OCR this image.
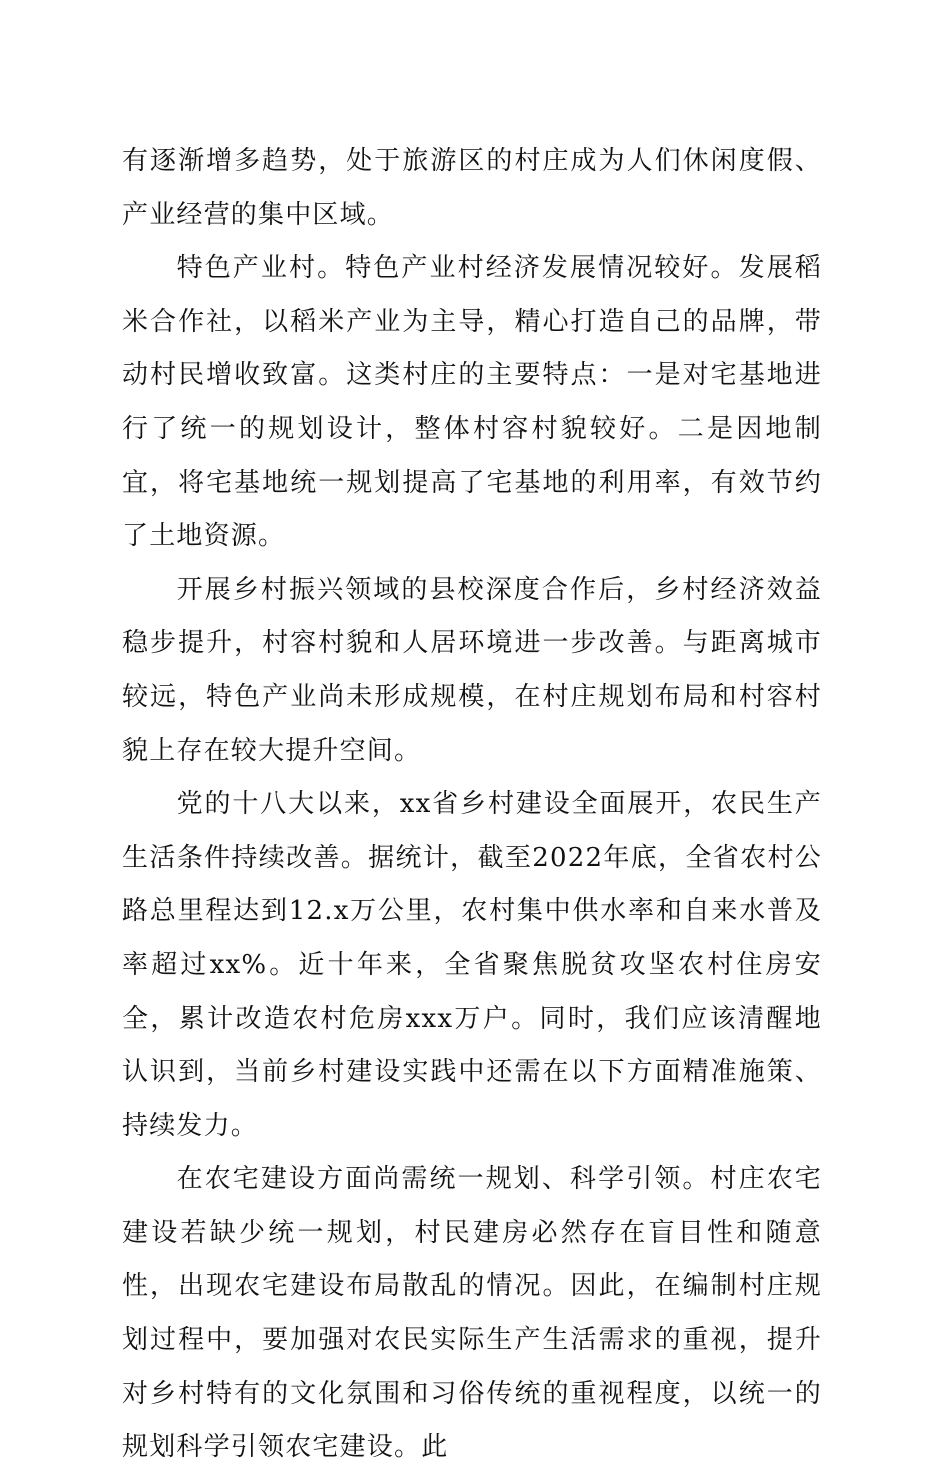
有逐渐增多趋势，处于旅游区的村庄成为人们休闲度假、产业经营的集中区域。

特色产业村。特色产业村经济发展情况较好。发展稻米合作社，以稻米产业为主导，精心打造自己的品牌，带动村民增收致富。这类村庄的主要特点：一是对宅基地进行了统一的规划设计，整体村容村貌较好。二是因地制宜，将宅基地统一规划提高了宅基地的利用率，有效节约了土地资源。

开展乡村振兴领域的县校深度合作后，乡村经济效益稳步提升，村容村貌和人居环境进一步改善。与距离城市较远，特色产业尚未形成规模，在村庄规划布局和村容村貌上存在较大提升空间。

党的十八大以来，xx省乡村建设全面展开，农民生产生活条件持续改善。据统计，截至2022年底，全省农村公路总里程达到12.x万公里，农村集中供水率和自来水普及率超过xx%。近十年来，全省聚焦脱贫攻坚农村住房安全，累计改造农村危房xxx万户。同时，我们应该清醒地认识到，当前乡村建设实践中还需在以下方面精准施策、持续发力。

在农宅建设方面尚需统一规划、科学引领。村庄农宅建设若缺少统一规划，村民建房必然存在盲目性和随意性，出现农宅建设布局散乱的情况。因此，在编制村庄规划过程中，要加强对农民实际生产生活需求的重视，提升对乡村特有的文化氛围和习俗传统的重视程度，以统一的规划科学引领农宅建设。此
